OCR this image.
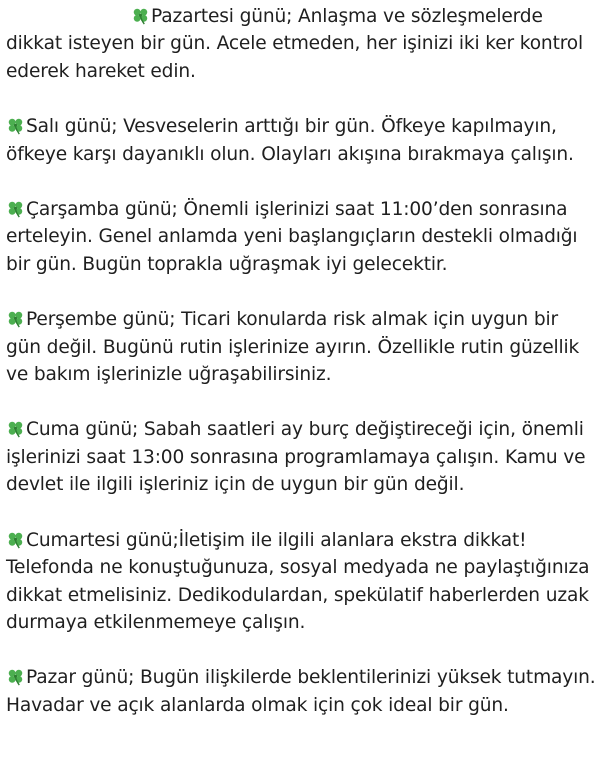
Pazartesi günü; Anlaşma ve sözleşmelerde dikkat isteyen bir gün. Acele etmeden, her işinizi iki ker kontrol ederek hareket edin.

Salı günü; Vesveselerin arttığı bir gün. Öfkeye kapılmayın, öfkeye karşı dayanıklı olun. Olayları akışına bırakmaya çalışın.

Çarşamba günü; Önemli işlerinizi saat 11:00’den sonrasına erteleyin. Genel anlamda yeni başlangıçların destekli olmadığı bir gün. Bugün toprakla uğraşmak iyi gelecektir.

Perşembe günü; Ticari konularda risk almak için uygun bir gün değil. Bugünü rutin işlerinize ayırın. Özellikle rutin güzellik ve bakım işlerinizle uğraşabilirsiniz.

Cuma günü; Sabah saatleri ay burç değiştireceği için, önemli işlerinizi saat 13:00 sonrasına programlamaya çalışın. Kamu ve devlet ile ilgili işleriniz için de uygun bir gün değil.

Cumartesi günü;İletişim ile ilgili alanlara ekstra dikkat! Telefonda ne konuştuğunuza, sosyal medyada ne paylaştığınıza dikkat etmelisiniz. Dedikodulardan, spekülatif haberlerden uzak durmaya etkilenmemeye çalışın.

Pazar günü; Bugün ilişkilerde beklentilerinizi yüksek tutmayın. Havadar ve açık alanlarda olmak için çok ideal bir gün.
